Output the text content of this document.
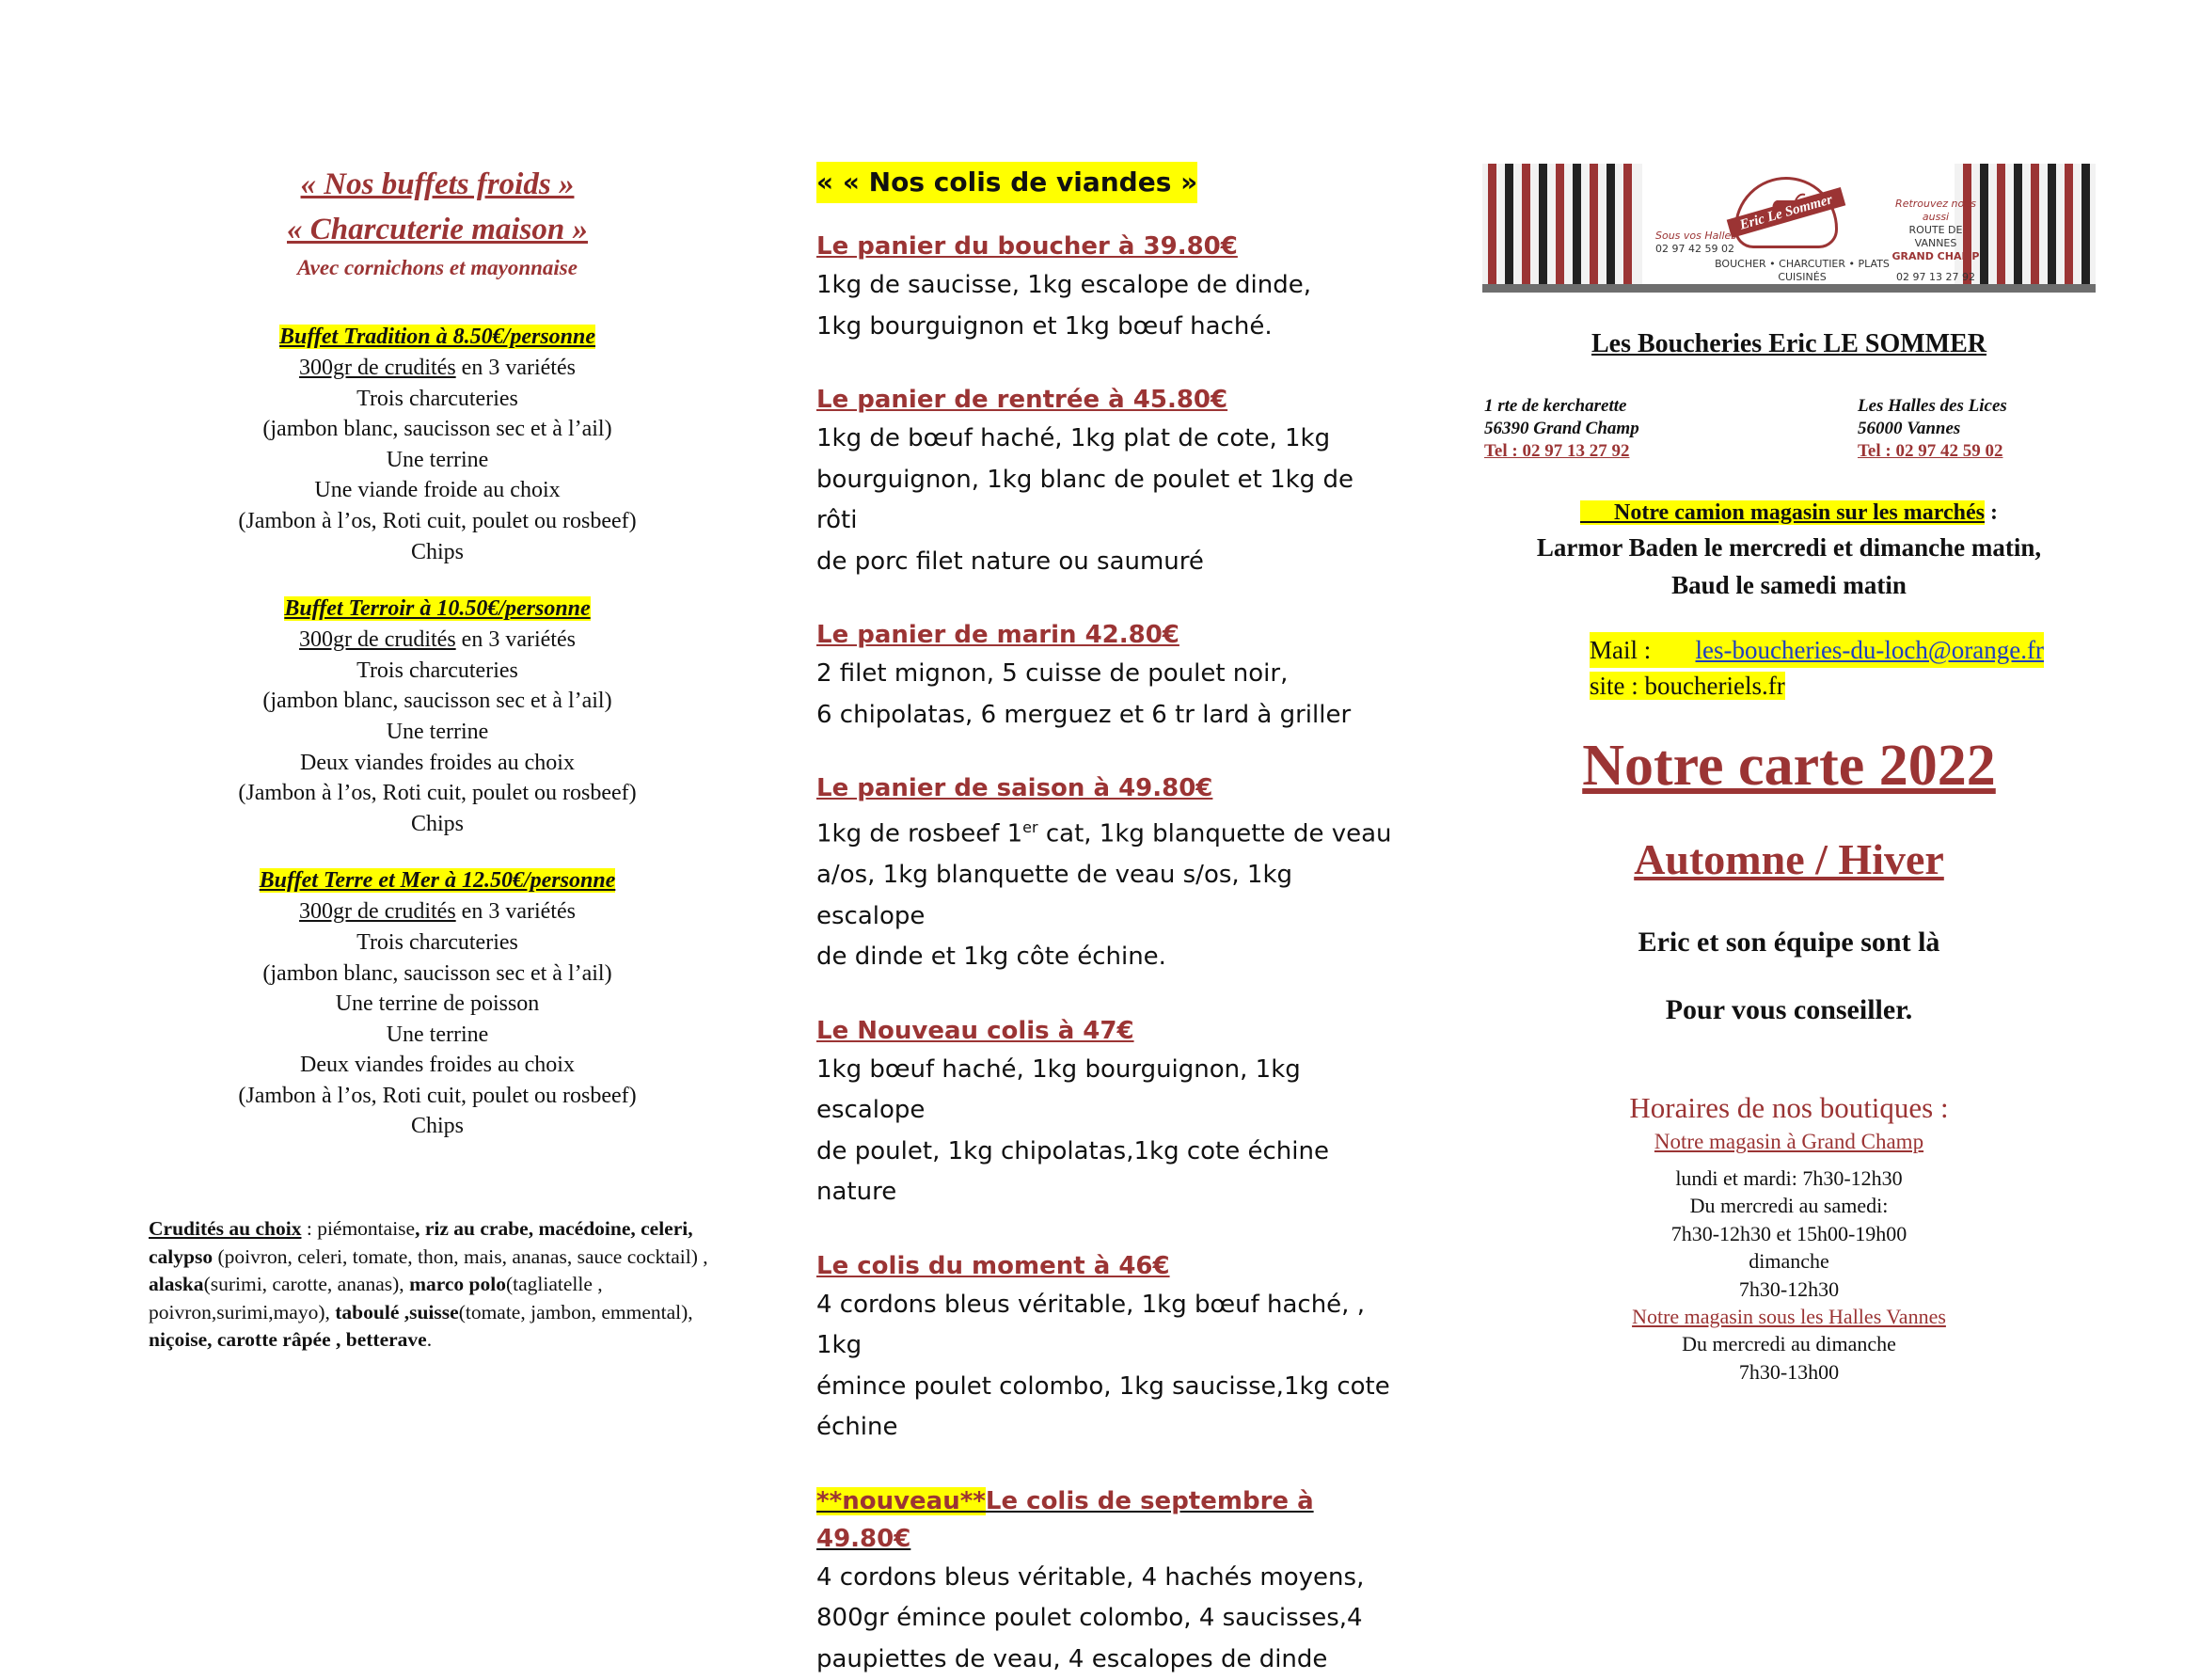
« Nos buffets froids »
« Charcuterie maison »
Avec cornichons et mayonnaise
Buffet Tradition à 8.50€/personne
300gr de crudités en 3 variétés
Trois charcuteries
(jambon blanc, saucisson sec et à l’ail)
Une terrine
Une viande froide au choix
(Jambon à l’os, Roti cuit, poulet ou rosbeef)
Chips
Buffet Terroir à 10.50€/personne
300gr de crudités en 3 variétés
Trois charcuteries
(jambon blanc, saucisson sec et à l’ail)
Une terrine
Deux viandes froides au choix
(Jambon à l’os, Roti cuit, poulet ou rosbeef)
Chips
Buffet Terre et Mer à 12.50€/personne
300gr de crudités en 3 variétés
Trois charcuteries
(jambon blanc, saucisson sec et à l’ail)
Une terrine de poisson
Une terrine
Deux viandes froides au choix
(Jambon à l’os, Roti cuit, poulet ou rosbeef)
Chips
Crudités au choix : piémontaise, riz au crabe, macédoine, celeri, calypso (poivron, celeri, tomate, thon, mais, ananas, sauce cocktail) , alaska(surimi, carotte, ananas), marco polo(tagliatelle , poivron,surimi,mayo), taboulé ,suisse(tomate, jambon, emmental), niçoise, carotte râpée , betterave.
« « Nos colis de viandes »
Le panier du boucher à 39.80€
1kg de saucisse, 1kg escalope de dinde,
1kg bourguignon et 1kg bœuf haché.
Le panier de rentrée à 45.80€
1kg de bœuf haché, 1kg plat de cote, 1kg
bourguignon, 1kg blanc de poulet et 1kg de rôti
de porc filet nature ou saumuré
Le panier de marin 42.80€
2 filet mignon, 5 cuisse de poulet noir,
6 chipolatas, 6 merguez et 6 tr lard à griller
Le panier de saison à 49.80€
1kg de rosbeef 1er cat, 1kg blanquette de veau
a/os, 1kg blanquette de veau s/os, 1kg escalope
de dinde et 1kg côte échine.
Le Nouveau colis à 47€
1kg bœuf haché, 1kg bourguignon, 1kg escalope
de poulet, 1kg chipolatas,1kg cote échine nature
Le colis du moment à 46€
4 cordons bleus véritable, 1kg bœuf haché, , 1kg
émince poulet colombo, 1kg saucisse,1kg cote
échine
**nouveau**Le colis de septembre à 49.80€
4 cordons bleus véritable, 4 hachés moyens,
800gr émince poulet colombo, 4 saucisses,4
paupiettes de veau, 4 escalopes de dinde
Eric Le Sommer
Sous vos Halles
02 97 42 59 02
Retrouvez nous aussi
ROUTE DE VANNES
GRAND CHAMP
02 97 13 27 92
BOUCHER • CHARCUTIER • PLATS CUISINÉS
Les Boucheries Eric LE SOMMER
1 rte de kercharette
56390 Grand Champ
Tel : 02 97 13 27 92
Les Halles des Lices
56000 Vannes
Tel : 02 97 42 59 02
Notre camion magasin sur les marchés :
Larmor Baden le mercredi et dimanche matin,
Baud le samedi matin
Mail :       les-boucheries-du-loch@orange.fr
site : boucheriels.fr
Notre carte 2022
Automne / Hiver
Eric et son équipe sont là
Pour vous conseiller.
Horaires de nos boutiques :
Notre magasin à Grand Champ
lundi et mardi: 7h30-12h30
Du mercredi au samedi:
7h30-12h30 et 15h00-19h00
dimanche
7h30-12h30
Notre magasin sous les Halles Vannes
Du mercredi au dimanche
7h30-13h00
